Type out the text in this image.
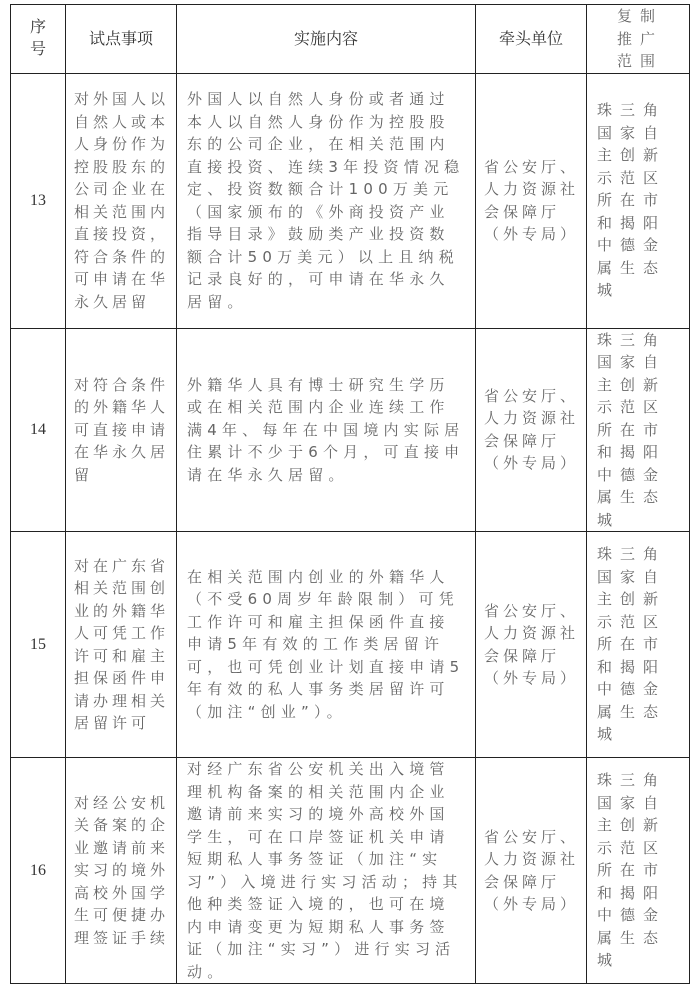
序号	试点事项	实施内容	牵头单位	复制推广范围

13	对外国人以自然人或本人身份作为控股股东的公司企业在相关范围内直接投资，符合条件的可申请在华永久居留	外国人以自然人身份或者通过本人以自然人身份作为控股股东的公司企业，在相关范围内直接投资、连续3年投资情况稳定、投资数额合计100万美元（国家颁布的《外商投资产业指导目录》鼓励类产业投资数额合计50万美元）以上且纳税记录良好的，可申请在华永久居留。	省公安厅、人力资源社会保障厅（外专局）	珠三角国家自主创新示范区所在市和揭阳中德金属生态城

14	对符合条件的外籍华人可直接申请在华永久居留	外籍华人具有博士研究生学历或在相关范围内企业连续工作满4年、每年在中国境内实际居住累计不少于6个月，可直接申请在华永久居留。	省公安厅、人力资源社会保障厅（外专局）	珠三角国家自主创新示范区所在市和揭阳中德金属生态城

15	对在广东省相关范围创业的外籍华人可凭工作许可和雇主担保函件申请办理相关居留许可	在相关范围内创业的外籍华人（不受60周岁年龄限制）可凭工作许可和雇主担保函件直接申请5年有效的工作类居留许可，也可凭创业计划直接申请5年有效的私人事务类居留许可（加注“创业”）。	省公安厅、人力资源社会保障厅（外专局）	珠三角国家自主创新示范区所在市和揭阳中德金属生态城

16	对经公安机关备案的企业邀请前来实习的境外高校外国学生可便捷办理签证手续	对经广东省公安机关出入境管理机构备案的相关范围内企业邀请前来实习的境外高校外国学生，可在口岸签证机关申请短期私人事务签证（加注“实习”）入境进行实习活动；持其他种类签证入境的，也可在境内申请变更为短期私人事务签证（加注“实习”）进行实习活动。	省公安厅、人力资源社会保障厅（外专局）	珠三角国家自主创新示范区所在市和揭阳中德金属生态城
